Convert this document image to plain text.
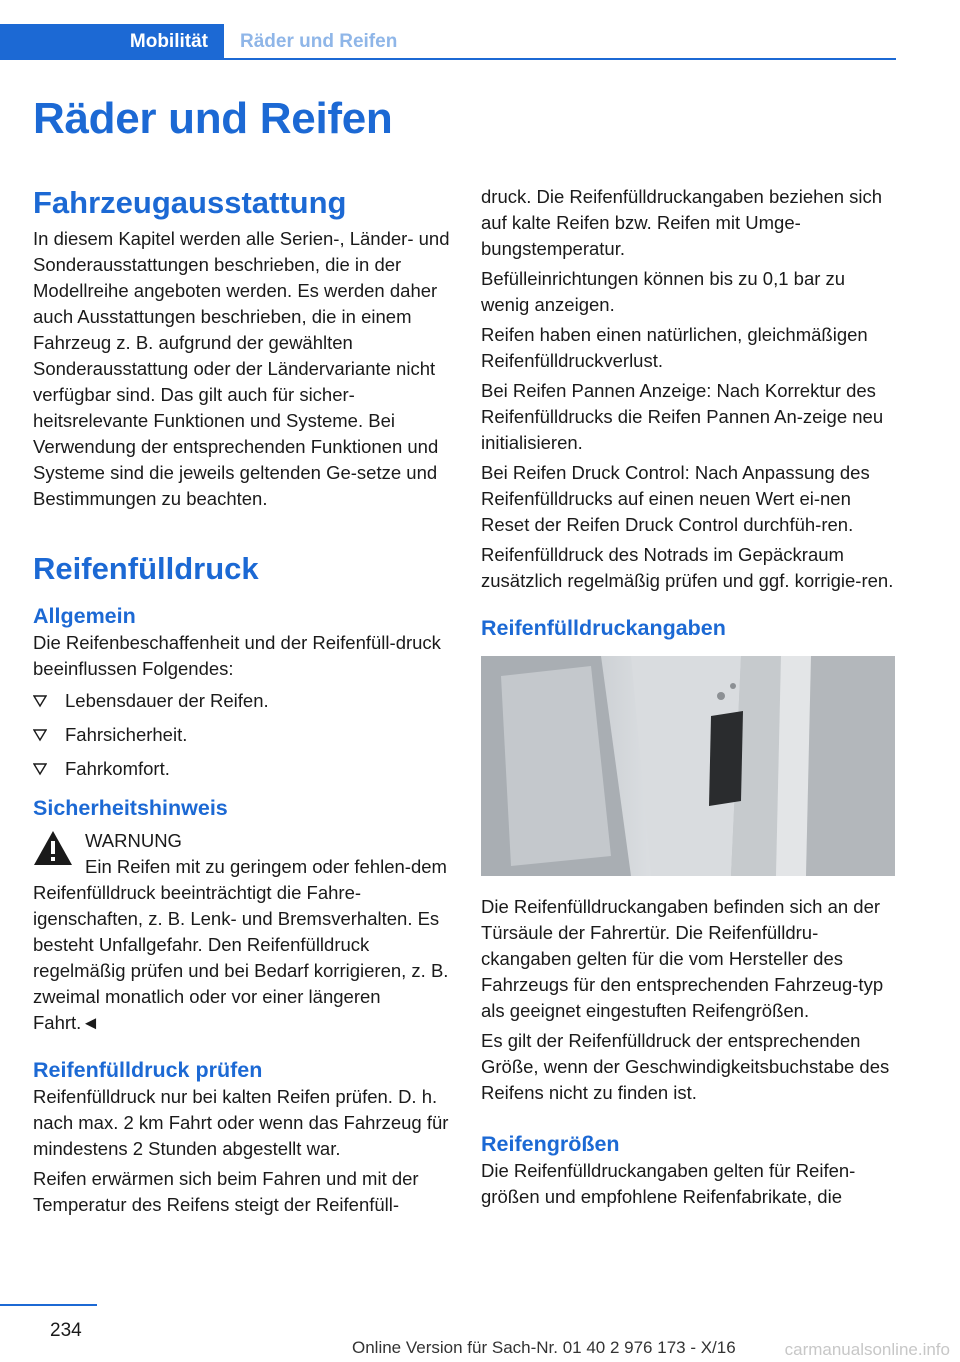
Mobilität	Räder und Reifen
Räder und Reifen
Fahrzeugausstattung

In diesem Kapitel werden alle Serien-, Länder- und Sonderausstattungen beschrieben, die in der Modellreihe angeboten werden. Es werden daher auch Ausstattungen beschrieben, die in einem Fahrzeug z. B. aufgrund der gewählten Sonderausstattung oder der Ländervariante nicht verfügbar sind. Das gilt auch für sicher-heitsrelevante Funktionen und Systeme. Bei Verwendung der entsprechenden Funktionen und Systeme sind die jeweils geltenden Ge-setze und Bestimmungen zu beachten.

Reifenfülldruck
Allgemein

Die Reifenbeschaffenheit und der Reifenfüll-druck beeinflussen Folgendes:

Lebensdauer der Reifen.
Fahrsicherheit.
Fahrkomfort.
Sicherheitshinweis
WARNUNG
Ein Reifen mit zu geringem oder fehlen-dem Reifenfülldruck beeinträchtigt die Fahre-igenschaften, z. B. Lenk- und Bremsverhalten. Es besteht Unfallgefahr. Den Reifenfülldruck regelmäßig prüfen und bei Bedarf korrigieren, z. B. zweimal monatlich oder vor einer längeren Fahrt.◄
Reifenfülldruck prüfen

Reifenfülldruck nur bei kalten Reifen prüfen. D. h. nach max. 2 km Fahrt oder wenn das Fahrzeug für mindestens 2 Stunden abgestellt war.

Reifen erwärmen sich beim Fahren und mit der Temperatur des Reifens steigt der Reifenfüll-

druck. Die Reifenfülldruckangaben beziehen sich auf kalte Reifen bzw. Reifen mit Umge-bungstemperatur.

Befülleinrichtungen können bis zu 0,1 bar zu wenig anzeigen.

Reifen haben einen natürlichen, gleichmäßigen Reifenfülldruckverlust.

Bei Reifen Pannen Anzeige: Nach Korrektur des Reifenfülldrucks die Reifen Pannen An-zeige neu initialisieren.

Bei Reifen Druck Control: Nach Anpassung des Reifenfülldrucks auf einen neuen Wert ei-nen Reset der Reifen Druck Control durchfüh-ren.

Reifenfülldruck des Notrads im Gepäckraum zusätzlich regelmäßig prüfen und ggf. korrigie-ren.

Reifenfülldruckangaben

Die Reifenfülldruckangaben befinden sich an der Türsäule der Fahrertür. Die Reifenfülldru-ckangaben gelten für die vom Hersteller des Fahrzeugs für den entsprechenden Fahrzeug-typ als geeignet eingestuften Reifengrößen.

Es gilt der Reifenfülldruck der entsprechenden Größe, wenn der Geschwindigkeitsbuchstabe des Reifens nicht zu finden ist.

Reifengrößen

Die Reifenfülldruckangaben gelten für Reifen-größen und empfohlene Reifenfabrikate, die

234
Online Version für Sach-Nr. 01 40 2 976 173 - X/16	carmanualsonline.info
